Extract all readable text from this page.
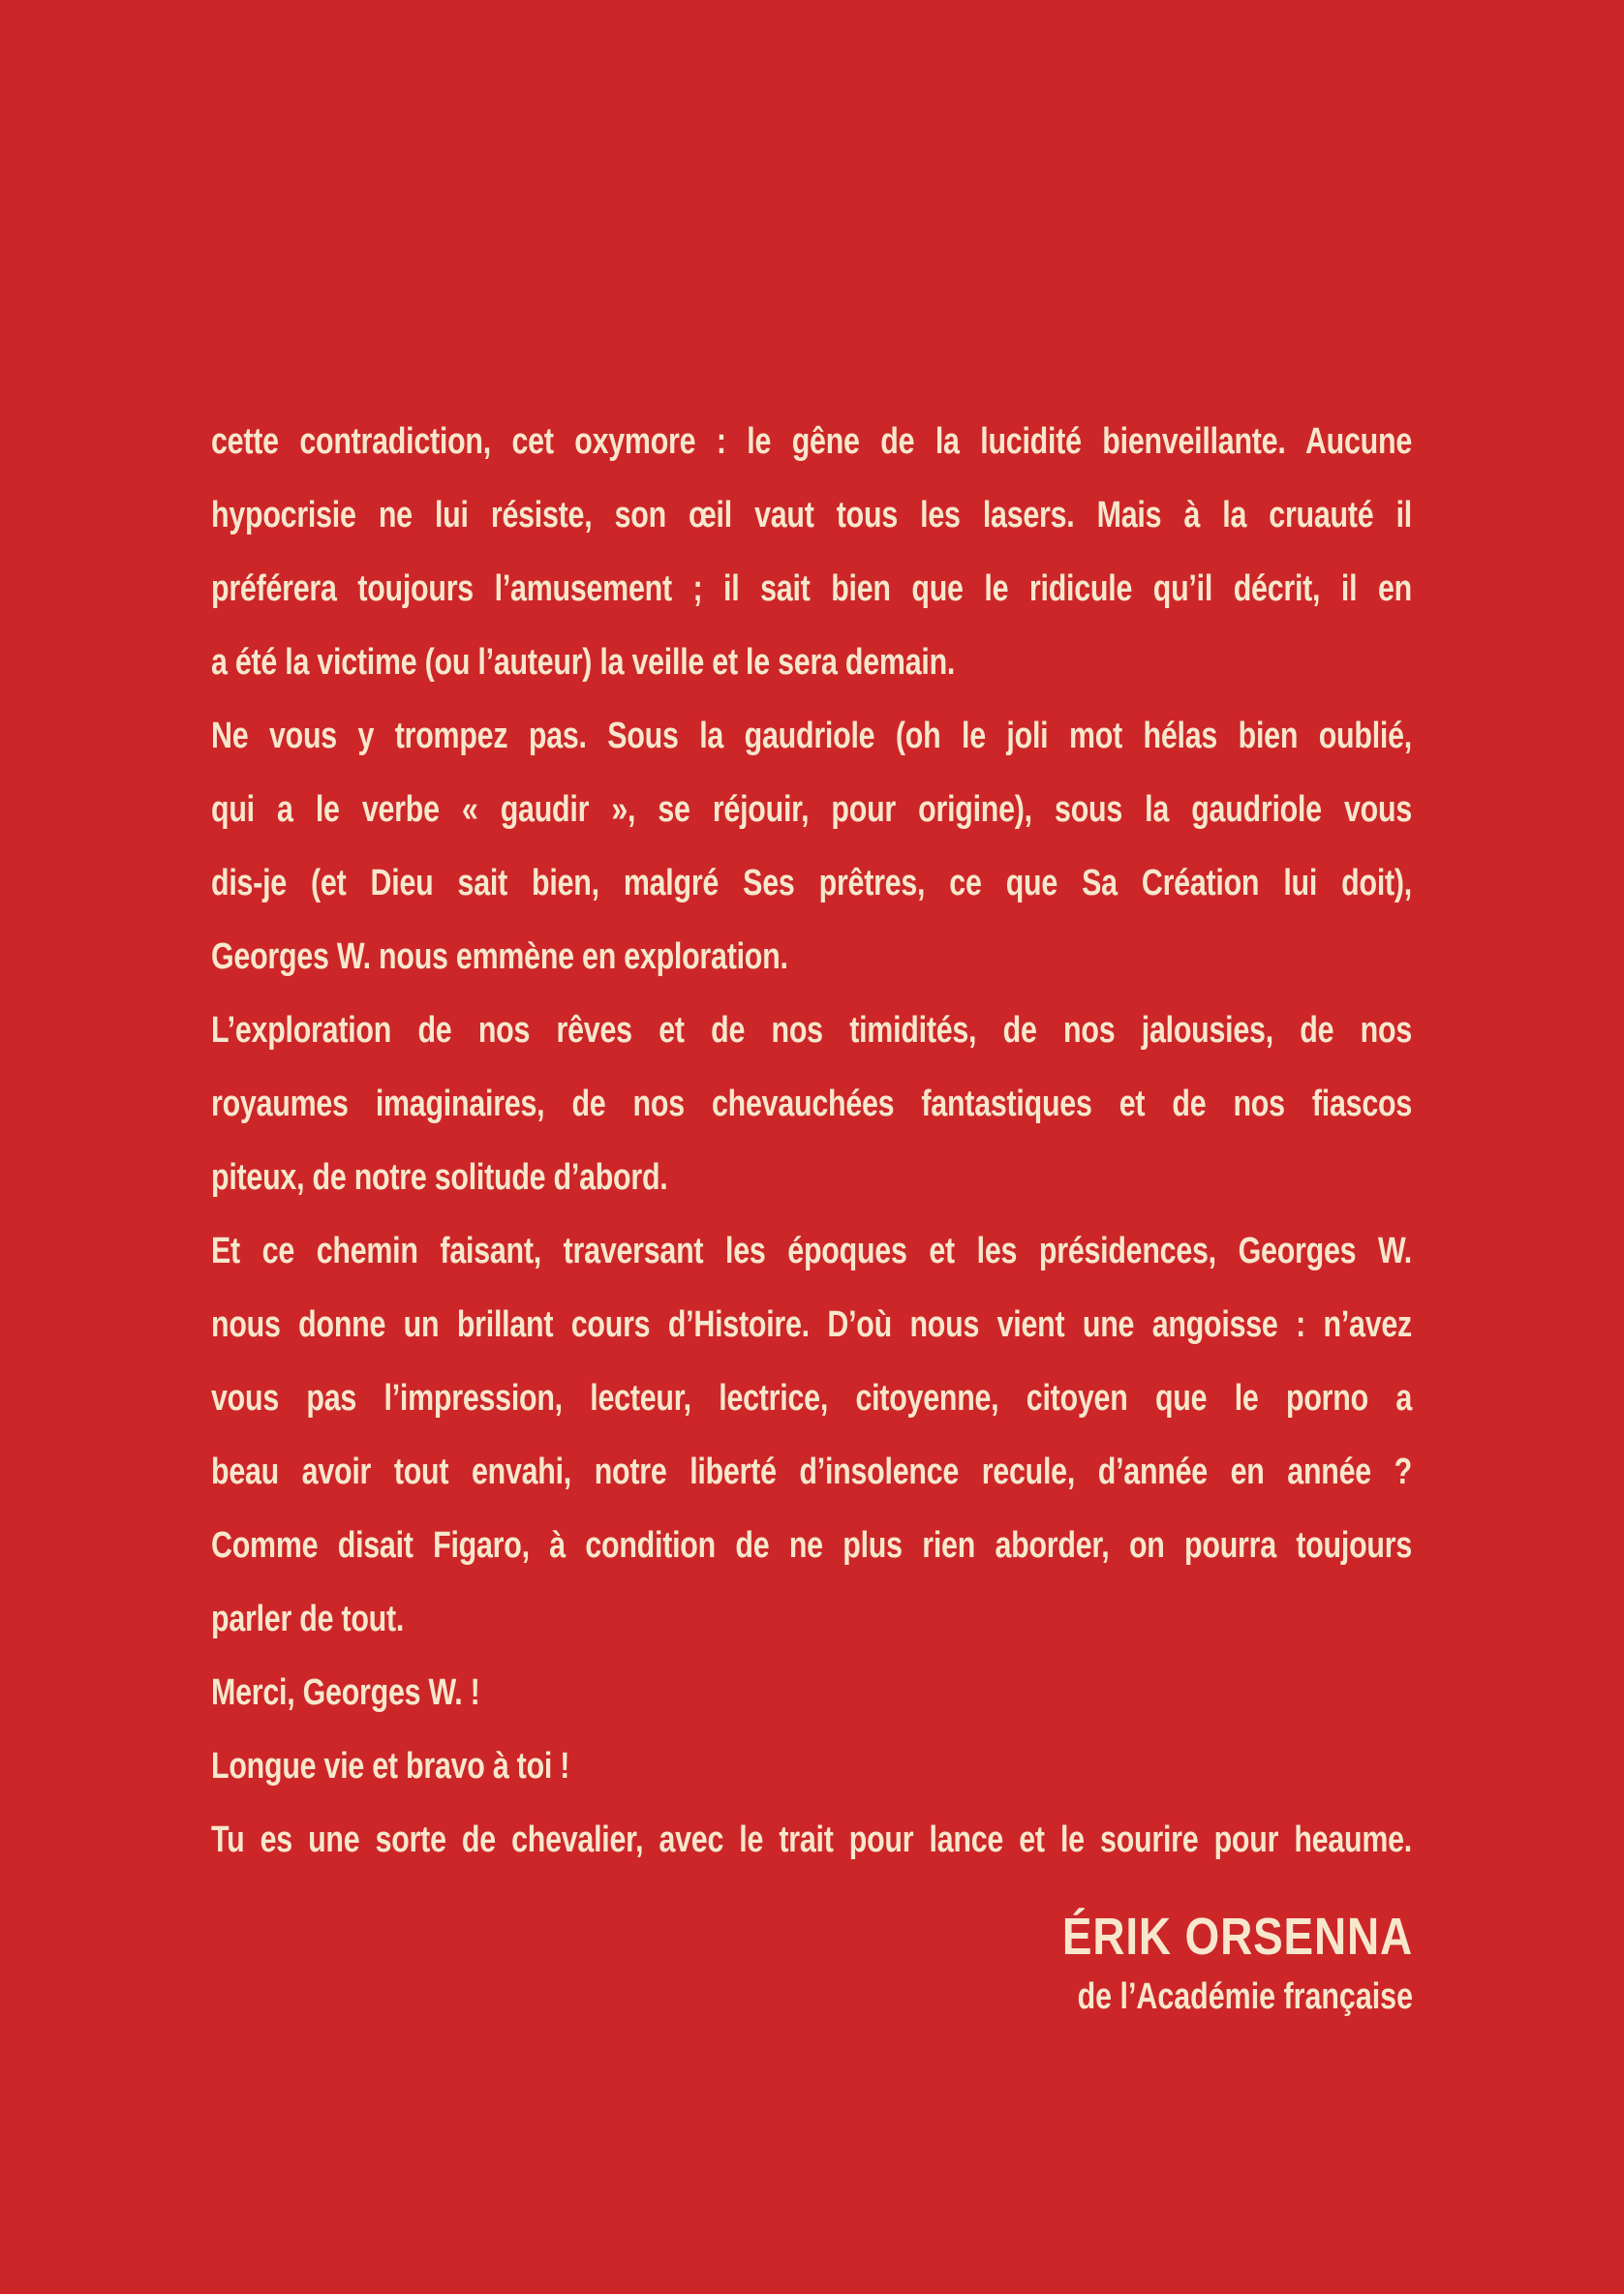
cette contradiction, cet oxymore : le gêne de la lucidité bienveillante. Aucune
hypocrisie ne lui résiste, son œil vaut tous les lasers. Mais à la cruauté il
préférera toujours l’amusement ; il sait bien que le ridicule qu’il décrit, il en
a été la victime (ou l’auteur) la veille et le sera demain.
Ne vous y trompez pas. Sous la gaudriole (oh le joli mot hélas bien oublié,
qui a le verbe « gaudir », se réjouir, pour origine), sous la gaudriole vous
dis-je (et Dieu sait bien, malgré Ses prêtres, ce que Sa Création lui doit),
Georges W. nous emmène en exploration.
L’exploration de nos rêves et de nos timidités, de nos jalousies, de nos
royaumes imaginaires, de nos chevauchées fantastiques et de nos fiascos
piteux, de notre solitude d’abord.
Et ce chemin faisant, traversant les époques et les présidences, Georges W.
nous donne un brillant cours d’Histoire. D’où nous vient une angoisse : n’avez
vous pas l’impression, lecteur, lectrice, citoyenne, citoyen que le porno a
beau avoir tout envahi, notre liberté d’insolence recule, d’année en année ?
Comme disait Figaro, à condition de ne plus rien aborder, on pourra toujours
parler de tout.
Merci, Georges W. !
Longue vie et bravo à toi !
Tu es une sorte de chevalier, avec le trait pour lance et le sourire pour heaume.
ÉRIK ORSENNA
de l’Académie française
